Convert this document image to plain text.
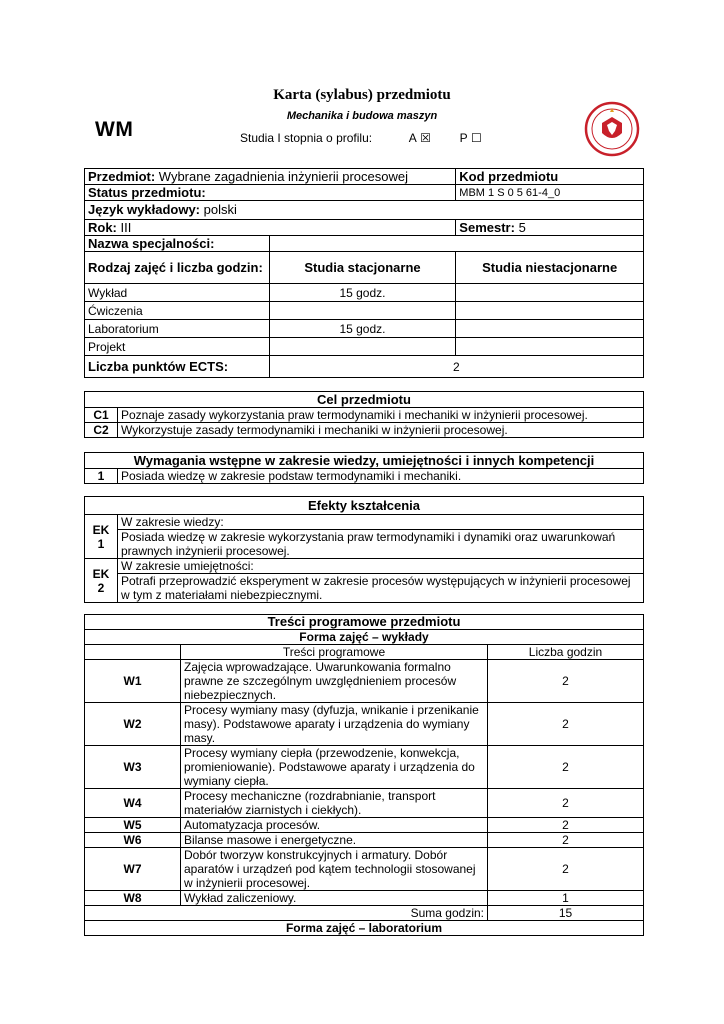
WM
Karta (sylabus) przedmiotu
Mechanika i budowa maszyn
Studia I stopnia o profilu:	A ☒ P ☐
Przedmiot: Wybrane zagadnienia inżynierii procesowej		Kod przedmiotu
Status przedmiotu:		MBM 1 S 0 5 61-4_0
Język wykładowy: polski		
Rok: III		Semestr: 5
Nazwa specjalności:		
Rodzaj zajęć i liczba godzin:	Studia stacjonarne	Studia niestacjonarne
Wykład	15 godz.	
Ćwiczenia		
Laboratorium	15 godz.	
Projekt		
Liczba punktów ECTS:	2	
Cel przedmiotu	
C1	Poznaje zasady wykorzystania praw termodynamiki i mechaniki w inżynierii procesowej.
C2	Wykorzystuje zasady termodynamiki i mechaniki w inżynierii procesowej.
Wymagania wstępne w zakresie wiedzy, umiejętności i innych kompetencji
1	Posiada wiedzę w zakresie podstaw termodynamiki i mechaniki.
Efekty kształcenia	
EK 1	W zakresie wiedzy:
	Posiada wiedzę w zakresie wykorzystania praw termodynamiki i dynamiki oraz uwarunkowań prawnych inżynierii procesowej.
EK 2	W zakresie umiejętności:
	Potrafi przeprowadzić eksperyment w zakresie procesów występujących w inżynierii procesowej w tym z materiałami niebezpiecznymi.
Treści programowe przedmiotu		
Forma zajęć – wykłady		
	Treści programowe	Liczba godzin
W1	Zajęcia wprowadzające. Uwarunkowania formalno prawne ze szczególnym uwzględnieniem procesów niebezpiecznych.	2
W2	Procesy wymiany masy (dyfuzja, wnikanie i przenikanie masy). Podstawowe aparaty i urządzenia do wymiany masy.	2
W3	Procesy wymiany ciepła (przewodzenie, konwekcja, promieniowanie). Podstawowe aparaty i urządzenia do wymiany ciepła.	2
W4	Procesy mechaniczne (rozdrabnianie, transport materiałów ziarnistych i ciekłych).	2
W5	Automatyzacja procesów.	2
W6	Bilanse masowe i energetyczne.	2
W7	Dobór tworzyw konstrukcyjnych i armatury. Dobór aparatów i urządzeń pod kątem technologii stosowanej w inżynierii procesowej.	2
W8	Wykład zaliczeniowy.	1
Suma godzin:		15
Forma zajęć – laboratorium		
